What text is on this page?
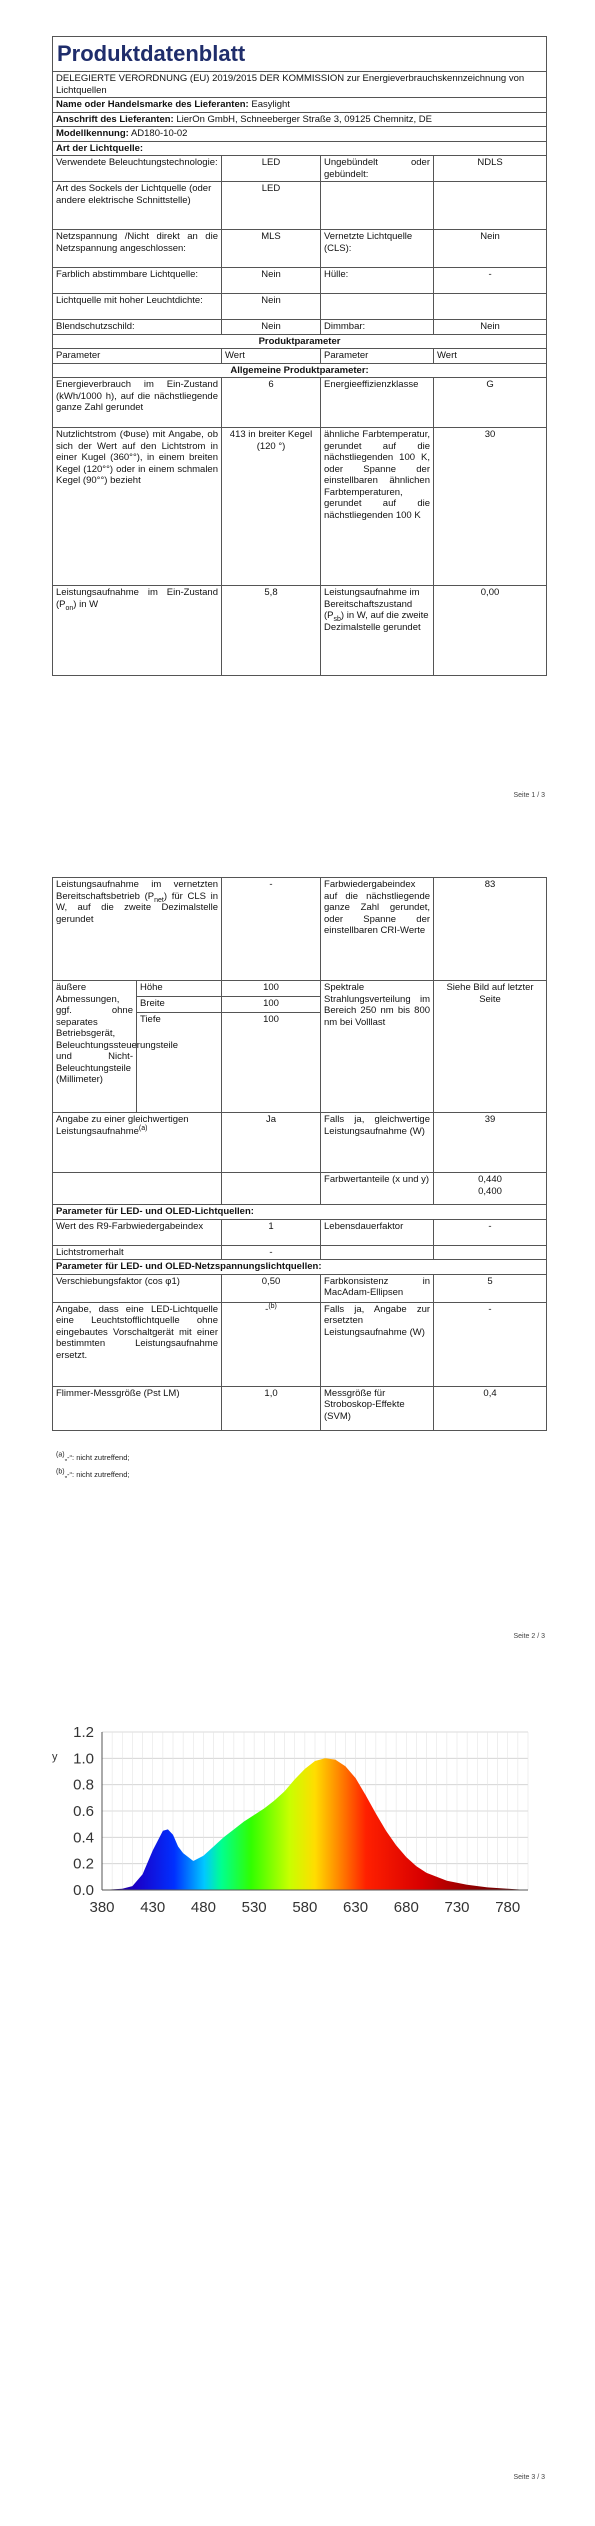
Produktdatenblatt			
DELEGIERTE VERORDNUNG (EU) 2019/2015 DER KOMMISSION zur Energieverbrauchskennzeichnung von Lichtquellen			
Name oder Handelsmarke des Lieferanten: Easylight			
Anschrift des Lieferanten: LierOn GmbH, Schneeberger Straße 3, 09125 Chemnitz, DE			
Modellkennung: AD180-10-02			
Art der Lichtquelle:			
Verwendete Beleuchtungstechnologie:	LED	Ungebündelt oder gebündelt:	NDLS
Art des Sockels der Lichtquelle (oder andere elektrische Schnittstelle)	LED		
Netzspannung /Nicht direkt an die Netzspannung angeschlossen:	MLS	Vernetzte Lichtquelle (CLS):	Nein
Farblich abstimmbare Lichtquelle:	Nein	Hülle:	-
Lichtquelle mit hoher Leuchtdichte:	Nein		
Blendschutzschild:	Nein	Dimmbar:	Nein
Produktparameter			
Parameter	Wert	Parameter	Wert
Allgemeine Produktparameter:			
Energieverbrauch im Ein-Zustand (kWh/1000 h), auf die nächstliegende ganze Zahl gerundet	6	Energieeffizienzklasse	G
Nutzlichtstrom (Φuse) mit Angabe, ob sich der Wert auf den Lichtstrom in einer Kugel (360°°), in einem breiten Kegel (120°°) oder in einem schmalen Kegel (90°°) bezieht	413 in breiter Kegel (120 °)	ähnliche Farbtemperatur, gerundet auf die nächstliegenden 100 K, oder Spanne der einstellbaren ähnlichen Farbtemperaturen, gerundet auf die nächstliegenden 100 K	30
Leistungsaufnahme im Ein-Zustand $(P_{on})$ in W	5,8	Leistungsaufnahme im Bereitschaftszustand $(P_{sb})$ in W, auf die zweite Dezimalstelle gerundet	0,00
Seite 1 / 3
Leistungsaufnahme im vernetzten Bereitschaftsbetrieb $(P_{net})$ für CLS in W, auf die zweite Dezimalstelle gerundet		-	Farbwiedergabeindex auf die nächstliegende ganze Zahl gerundet, oder Spanne der einstellbaren CRI-Werte	83
äußere Abmessungen, ggf. ohne separates Betriebsgerät, Beleuchtungssteuerungsteile und Nicht-Beleuchtungsteile (Millimeter)	Höhe	100	Spektrale Strahlungsverteilung im Bereich 250 nm bis 800 nm bei Volllast	Siehe Bild auf letzter Seite
	Breite	100		
	Tiefe	100		
Angabe zu einer gleichwertigen Leistungsaufnahme$^{(a)}$		Ja	Falls ja, gleichwertige Leistungsaufnahme (W)	39
			Farbwertanteile (x und y)	0,440
0,400

Parameter für LED- und OLED-Lichtquellen:				
Wert des R9-Farbwiedergabeindex		1	Lebensdauerfaktor	-
Lichtstromerhalt		-		
Parameter für LED- und OLED-Netzspannungslichtquellen:				
Verschiebungsfaktor (cos φ1)		0,50	Farbkonsistenz in MacAdam-Ellipsen	5
Angabe, dass eine LED-Lichtquelle eine Leuchtstofflichtquelle ohne eingebautes Vorschaltgerät mit einer bestimmten Leistungsaufnahme ersetzt.		-$^{(b)}$	Falls ja, Angabe zur ersetzten Leistungsaufnahme (W)	-
Flimmer-Messgröße (Pst LM)		1,0	Messgröße für Stroboskop-Effekte (SVM)	0,4
$^{(a)}$„-“: nicht zutreffend;
$^{(b)}$„-“: nicht zutreffend;
Seite 2 / 3
0.0
0.2
0.4
0.6
0.8
1.0
1.2
380 430 480 530 580 630 680 730 780
y
Seite 3 / 3
